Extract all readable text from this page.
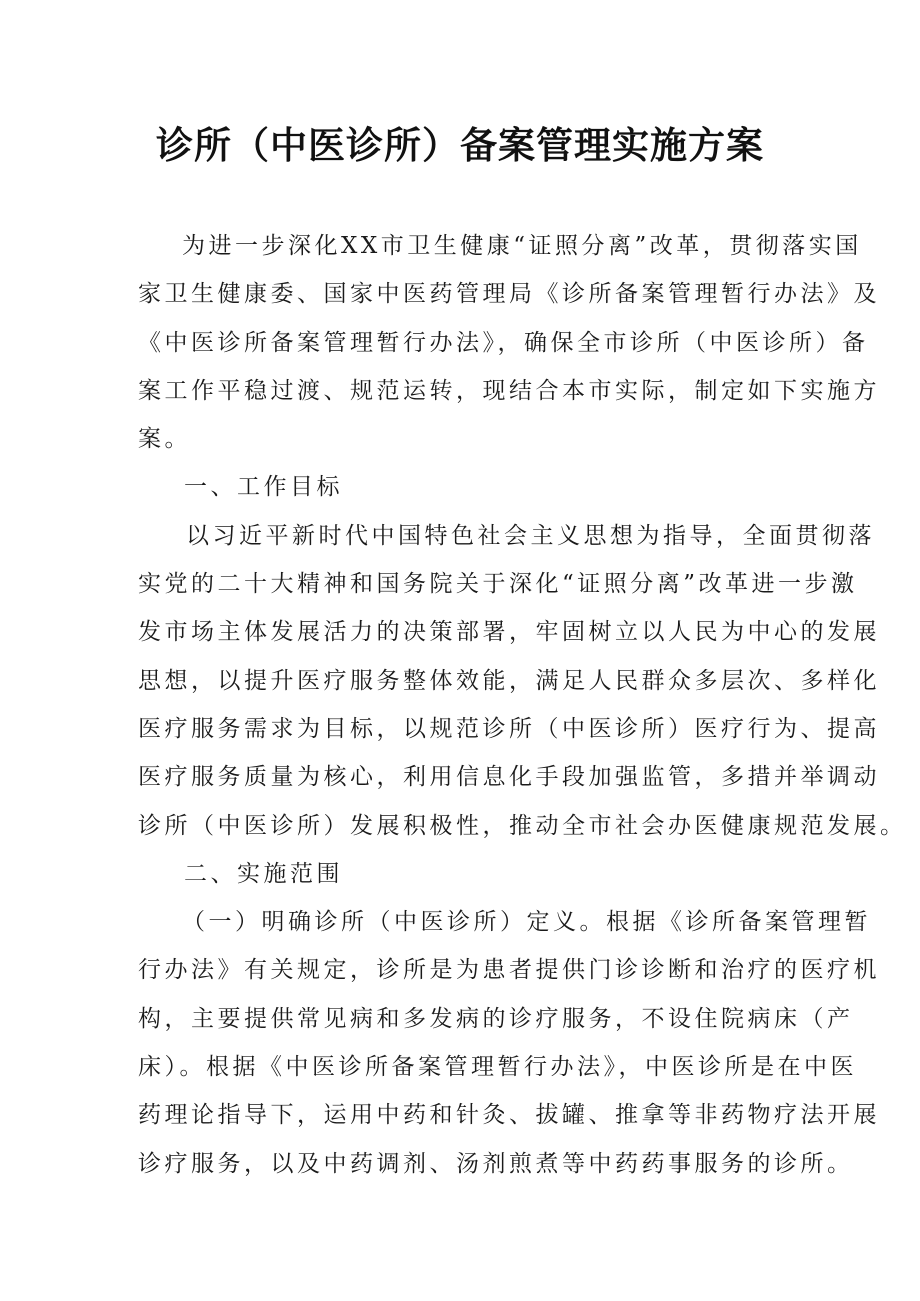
诊所（中医诊所）备案管理实施方案
为进一步深化XX市卫生健康“证照分离”改革，贯彻落实国
家卫生健康委、国家中医药管理局《诊所备案管理暂行办法》及
《中医诊所备案管理暂行办法》，确保全市诊所（中医诊所）备
案工作平稳过渡、规范运转，现结合本市实际，制定如下实施方
案。
一、工作目标
以习近平新时代中国特色社会主义思想为指导，全面贯彻落
实党的二十大精神和国务院关于深化“证照分离”改革进一步激
发市场主体发展活力的决策部署，牢固树立以人民为中心的发展
思想，以提升医疗服务整体效能，满足人民群众多层次、多样化
医疗服务需求为目标，以规范诊所（中医诊所）医疗行为、提高
医疗服务质量为核心，利用信息化手段加强监管，多措并举调动
诊所（中医诊所）发展积极性，推动全市社会办医健康规范发展。
二、实施范围
（一）明确诊所（中医诊所）定义。根据《诊所备案管理暂
行办法》有关规定，诊所是为患者提供门诊诊断和治疗的医疗机
构，主要提供常见病和多发病的诊疗服务，不设住院病床（产
床）。根据《中医诊所备案管理暂行办法》，中医诊所是在中医
药理论指导下，运用中药和针灸、拔罐、推拿等非药物疗法开展
诊疗服务，以及中药调剂、汤剂煎煮等中药药事服务的诊所。
